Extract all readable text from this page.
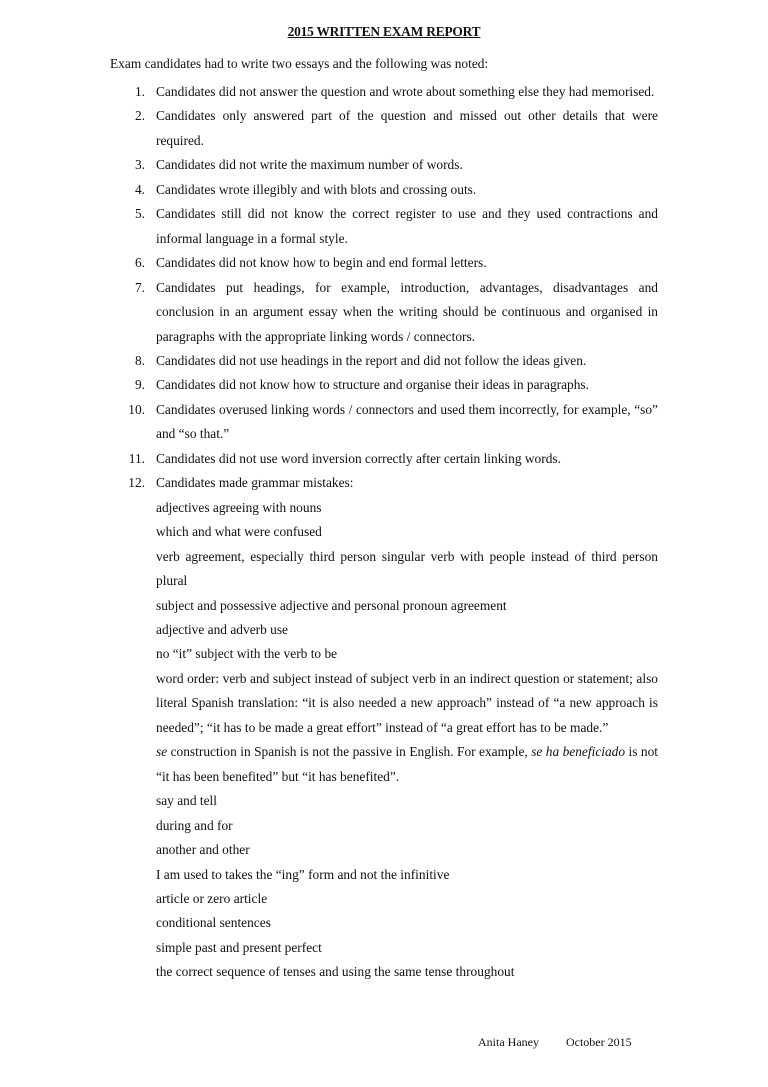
2015 WRITTEN EXAM REPORT
Exam candidates had to write two essays and the following was noted:
1. Candidates did not answer the question and wrote about something else they had memorised.
2. Candidates only answered part of the question and missed out other details that were required.
3. Candidates did not write the maximum number of words.
4. Candidates wrote illegibly and with blots and crossing outs.
5. Candidates still did not know the correct register to use and they used contractions and informal language in a formal style.
6. Candidates did not know how to begin and end formal letters.
7. Candidates put headings, for example, introduction, advantages, disadvantages and conclusion in an argument essay when the writing should be continuous and organised in paragraphs with the appropriate linking words / connectors.
8. Candidates did not use headings in the report and did not follow the ideas given.
9. Candidates did not know how to structure and organise their ideas in paragraphs.
10. Candidates overused linking words / connectors and used them incorrectly, for example, “so” and “so that.”
11. Candidates did not use word inversion correctly after certain linking words.
12. Candidates made grammar mistakes:
adjectives agreeing with nouns
which and what were confused
verb agreement, especially third person singular verb with people instead of third person plural
subject and possessive adjective and personal pronoun agreement
adjective and adverb use
no “it” subject with the verb to be
word order: verb and subject instead of subject verb in an indirect question or statement; also literal Spanish translation: “it is also needed a new approach” instead of “a new approach is needed”; “it has to be made a great effort” instead of “a great effort has to be made.”
se construction in Spanish is not the passive in English. For example, se ha beneficiado is not “it has been benefited” but “it has benefited”.
say and tell
during and for
another and other
I am used to takes the “ing” form and not the infinitive
article or zero article
conditional sentences
simple past and present perfect
the correct sequence of tenses and using the same tense throughout
Anita Haney October 2015
